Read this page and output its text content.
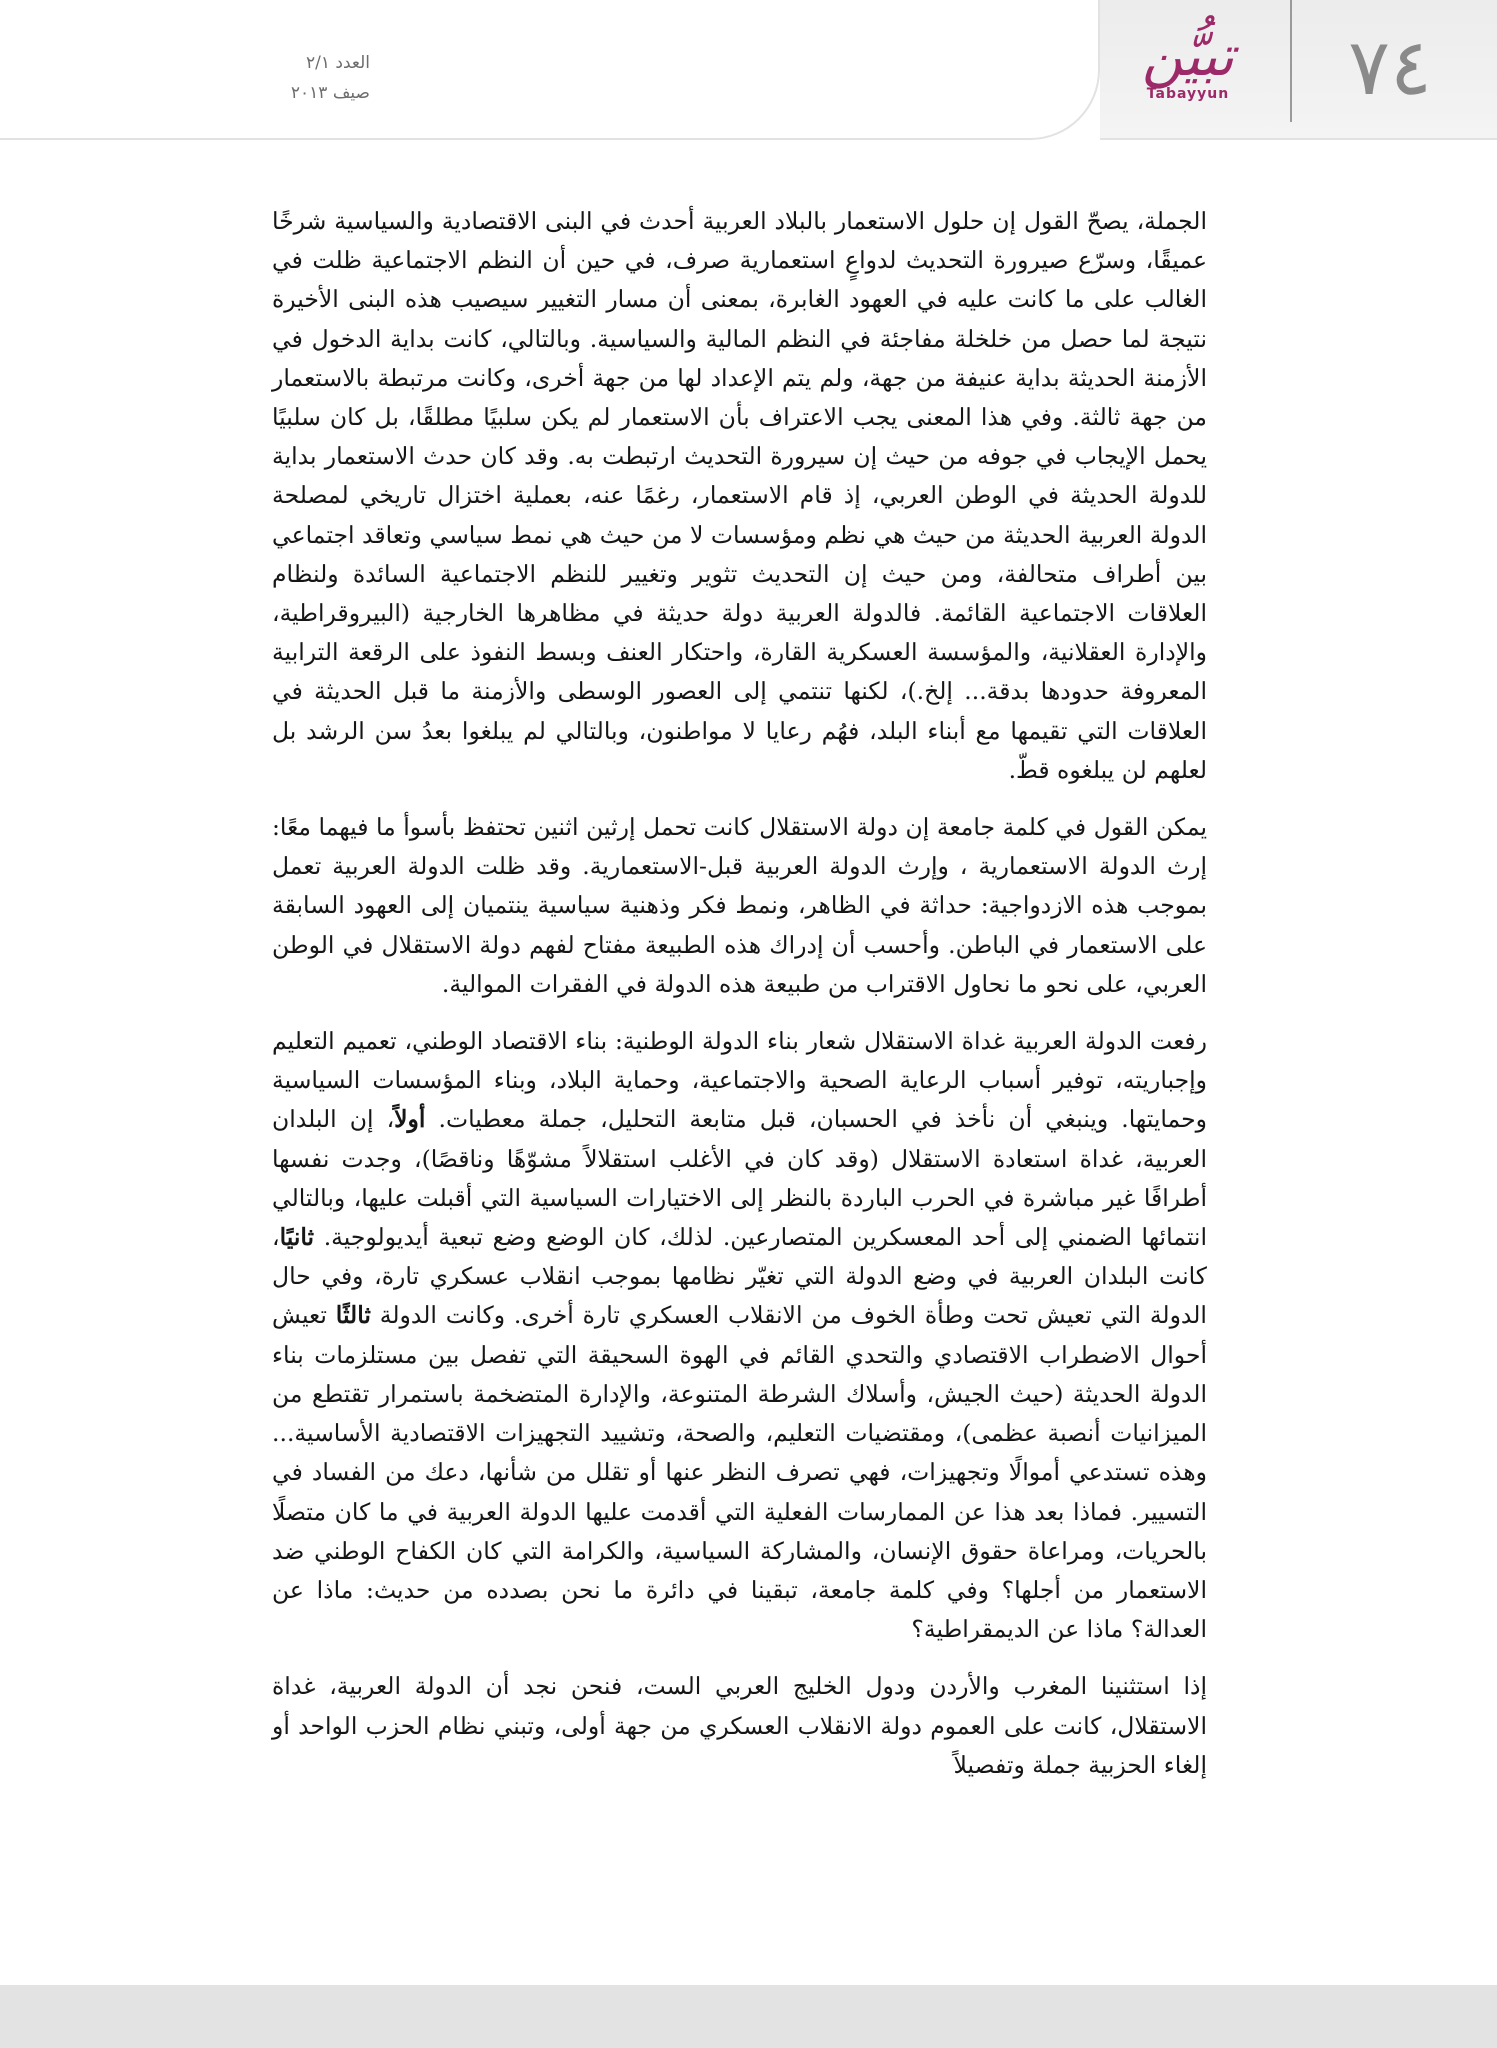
العدد ٢/١
صيف ٢٠١٣
تبيُّن
Tabayyun	٧٤

الجملة، يصحّ القول إن حلول الاستعمار بالبلاد العربية أحدث في البنى الاقتصادية والسياسية شرخًا عميقًا، وسرّع صيرورة التحديث لدواعٍ استعمارية صرف، في حين أن النظم الاجتماعية ظلت في الغالب على ما كانت عليه في العهود الغابرة، بمعنى أن مسار التغيير سيصيب هذه البنى الأخيرة نتيجة لما حصل من خلخلة مفاجئة في النظم المالية والسياسية. وبالتالي، كانت بداية الدخول في الأزمنة الحديثة بداية عنيفة من جهة، ولم يتم الإعداد لها من جهة أخرى، وكانت مرتبطة بالاستعمار من جهة ثالثة. وفي هذا المعنى يجب الاعتراف بأن الاستعمار لم يكن سلبيًا مطلقًا، بل كان سلبيًا يحمل الإيجاب في جوفه من حيث إن سيرورة التحديث ارتبطت به. وقد كان حدث الاستعمار بداية للدولة الحديثة في الوطن العربي، إذ قام الاستعمار، رغمًا عنه، بعملية اختزال تاريخي لمصلحة الدولة العربية الحديثة من حيث هي نظم ومؤسسات لا من حيث هي نمط سياسي وتعاقد اجتماعي بين أطراف متحالفة، ومن حيث إن التحديث تثوير وتغيير للنظم الاجتماعية السائدة ولنظام العلاقات الاجتماعية القائمة. فالدولة العربية دولة حديثة في مظاهرها الخارجية (البيروقراطية، والإدارة العقلانية، والمؤسسة العسكرية القارة، واحتكار العنف وبسط النفوذ على الرقعة الترابية المعروفة حدودها بدقة... إلخ.)، لكنها تنتمي إلى العصور الوسطى والأزمنة ما قبل الحديثة في العلاقات التي تقيمها مع أبناء البلد، فهُم رعايا لا مواطنون، وبالتالي لم يبلغوا بعدُ سن الرشد بل لعلهم لن يبلغوه قطّ.

يمكن القول في كلمة جامعة إن دولة الاستقلال كانت تحمل إرثين اثنين تحتفظ بأسوأ ما فيهما معًا: إرث الدولة الاستعمارية ، وإرث الدولة العربية قبل-الاستعمارية. وقد ظلت الدولة العربية تعمل بموجب هذه الازدواجية: حداثة في الظاهر، ونمط فكر وذهنية سياسية ينتميان إلى العهود السابقة على الاستعمار في الباطن. وأحسب أن إدراك هذه الطبيعة مفتاح لفهم دولة الاستقلال في الوطن العربي، على نحو ما نحاول الاقتراب من طبيعة هذه الدولة في الفقرات الموالية.

رفعت الدولة العربية غداة الاستقلال شعار بناء الدولة الوطنية: بناء الاقتصاد الوطني، تعميم التعليم وإجباريته، توفير أسباب الرعاية الصحية والاجتماعية، وحماية البلاد، وبناء المؤسسات السياسية وحمايتها. وينبغي أن نأخذ في الحسبان، قبل متابعة التحليل، جملة معطيات. أولاً، إن البلدان العربية، غداة استعادة الاستقلال (وقد كان في الأغلب استقلالاً مشوّهًا وناقصًا)، وجدت نفسها أطرافًا غير مباشرة في الحرب الباردة بالنظر إلى الاختيارات السياسية التي أقبلت عليها، وبالتالي انتمائها الضمني إلى أحد المعسكرين المتصارعين. لذلك، كان الوضع وضع تبعية أيديولوجية. ثانيًا، كانت البلدان العربية في وضع الدولة التي تغيّر نظامها بموجب انقلاب عسكري تارة، وفي حال الدولة التي تعيش تحت وطأة الخوف من الانقلاب العسكري تارة أخرى. وكانت الدولة ثالثًا تعيش أحوال الاضطراب الاقتصادي والتحدي القائم في الهوة السحيقة التي تفصل بين مستلزمات بناء الدولة الحديثة (حيث الجيش، وأسلاك الشرطة المتنوعة، والإدارة المتضخمة باستمرار تقتطع من الميزانيات أنصبة عظمى)، ومقتضيات التعليم، والصحة، وتشييد التجهيزات الاقتصادية الأساسية... وهذه تستدعي أموالًا وتجهيزات، فهي تصرف النظر عنها أو تقلل من شأنها، دعك من الفساد في التسيير. فماذا بعد هذا عن الممارسات الفعلية التي أقدمت عليها الدولة العربية في ما كان متصلًا بالحريات، ومراعاة حقوق الإنسان، والمشاركة السياسية، والكرامة التي كان الكفاح الوطني ضد الاستعمار من أجلها؟ وفي كلمة جامعة، تبقينا في دائرة ما نحن بصدده من حديث: ماذا عن العدالة؟ ماذا عن الديمقراطية؟

إذا استثنينا المغرب والأردن ودول الخليج العربي الست، فنحن نجد أن الدولة العربية، غداة الاستقلال، كانت على العموم دولة الانقلاب العسكري من جهة أولى، وتبني نظام الحزب الواحد أو إلغاء الحزبية جملة وتفصيلاً
